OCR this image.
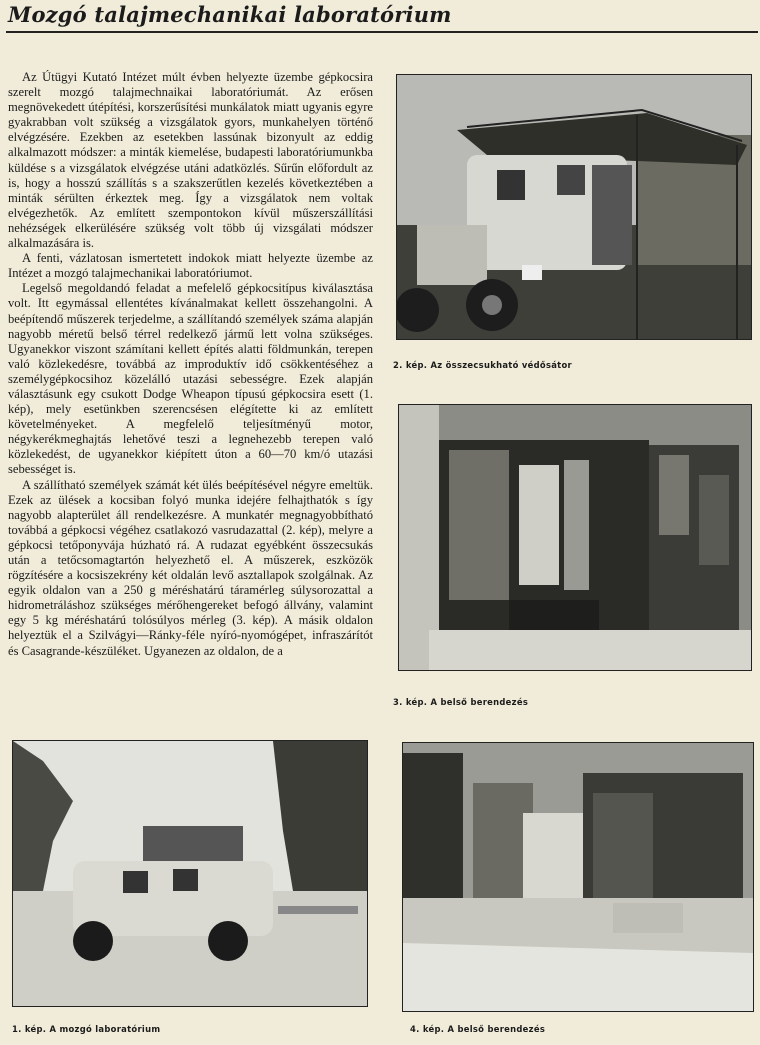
Mozgó talajmechanikai laboratórium

Az Útügyi Kutató Intézet múlt évben helyezte üzembe gépkocsira szerelt mozgó talajmechnaikai laboratóriumát. Az erősen megnövekedett útépítési, korszerűsítési munkálatok miatt ugyanis egyre gyakrabban volt szükség a vizsgálatok gyors, munkahelyen történő elvégzésére. Ezekben az esetekben lassúnak bizonyult az eddig alkalmazott módszer: a minták kiemelése, budapesti laboratóriumunkba küldése s a vizsgálatok elvégzése utáni adatközlés. Sűrűn előfordult az is, hogy a hosszú szállítás s a szakszerűtlen kezelés következtében a minták sérülten érkeztek meg. Így a vizsgálatok nem voltak elvégezhetők. Az említett szempontokon kívül műszerszállítási nehézségek elkerülésére szükség volt több új vizsgálati módszer alkalmazására is.

A fenti, vázlatosan ismertetett indokok miatt helyezte üzembe az Intézet a mozgó talajmechanikai laboratóriumot.

Legelső megoldandó feladat a mefelelő gépkocsitípus kiválasztása volt. Itt egymással ellentétes kívánalmakat kellett összehangolni. A beépítendő műszerek terjedelme, a szállítandó személyek száma alapján nagyobb méretű belső térrel redelkező jármű lett volna szükséges. Ugyanekkor viszont számítani kellett építés alatti földmunkán, terepen való közlekedésre, továbbá az improduktív idő csökkentéséhez a személygépkocsihoz közelálló utazási sebességre. Ezek alapján választásunk egy csukott Dodge Wheapon típusú gépkocsira esett (1. kép), mely esetünkben szerencsésen elégítette ki az említett követelményeket. A megfelelő teljesítményű motor, négykerékmeghajtás lehetővé teszi a legnehezebb terepen való közlekedést, de ugyanekkor kiépített úton a 60—70 km/ó utazási sebességet is.

A szállítható személyek számát két ülés beépítésével négyre emeltük. Ezek az ülések a kocsiban folyó munka idejére felhajthatók s így nagyobb alapterület áll rendelkezésre. A munkatér megnagyobbítható továbbá a gépkocsi végéhez csatlakozó vasrudazattal (2. kép), melyre a gépkocsi tetőponyvája húzható rá. A rudazat egyébként összecsukás után a tetőcsomagtartón helyezhető el. A műszerek, eszközök rögzítésére a kocsiszekrény két oldalán levő asztallapok szolgálnak. Az egyik oldalon van a 250 g méréshatárú táramérleg súlysorozattal a hidrometráláshoz szükséges mérőhengereket befogó állvány, valamint egy 5 kg méréshatárú tolósúlyos mérleg (3. kép). A másik oldalon helyeztük el a Szilvágyi—Ránky-féle nyíró-nyomógépet, infraszárítót és Casagrande-készüléket. Ugyanezen az oldalon, de a

2. kép. Az összecsukható védősátor
3. kép. A belső berendezés
1. kép. A mozgó laboratórium	4. kép. A belső berendezés
